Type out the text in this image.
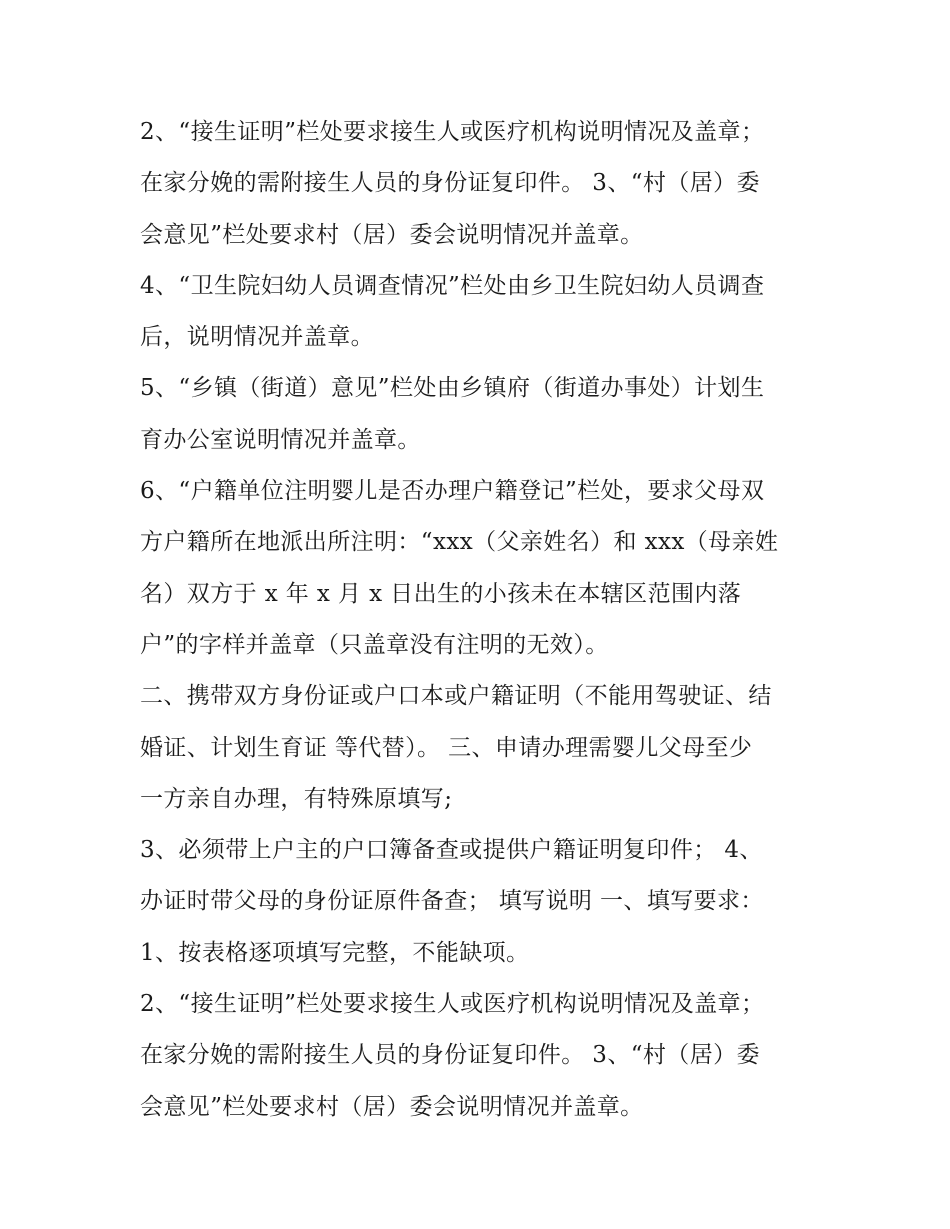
2、“接生证明”栏处要求接生人或医疗机构说明情况及盖章；
在家分娩的需附接生人员的身份证复印件。 3、“村（居）委
会意见”栏处要求村（居）委会说明情况并盖章。
4、“卫生院妇幼人员调查情况”栏处由乡卫生院妇幼人员调查
后，说明情况并盖章。
5、“乡镇（街道）意见”栏处由乡镇府（街道办事处）计划生
育办公室说明情况并盖章。
6、“户籍单位注明婴儿是否办理户籍登记”栏处，要求父母双
方户籍所在地派出所注明：“xxx（父亲姓名）和 xxx（母亲姓
名）双方于 x 年 x 月 x 日出生的小孩未在本辖区范围内落
户”的字样并盖章（只盖章没有注明的无效）。
二、携带双方身份证或户口本或户籍证明（不能用驾驶证、结
婚证、计划生育证 等代替）。 三、申请办理需婴儿父母至少
一方亲自办理，有特殊原填写;
3、必须带上户主的户口簿备查或提供户籍证明复印件； 4、
办证时带父母的身份证原件备查； 填写说明 一、填写要求：
1、按表格逐项填写完整，不能缺项。
2、“接生证明”栏处要求接生人或医疗机构说明情况及盖章；
在家分娩的需附接生人员的身份证复印件。 3、“村（居）委
会意见”栏处要求村（居）委会说明情况并盖章。
